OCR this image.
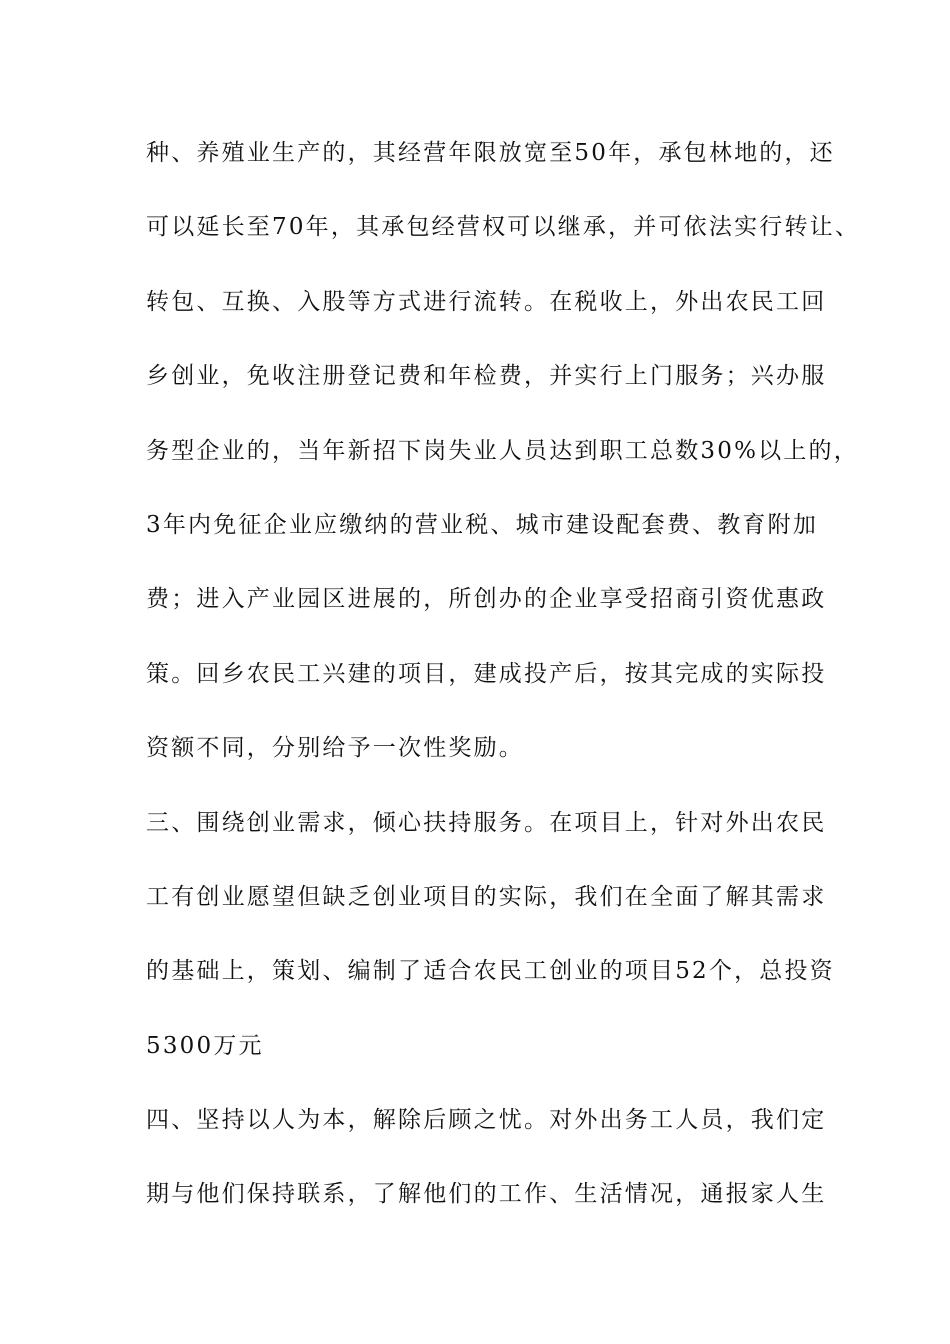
种、养殖业生产的，其经营年限放宽至50年，承包林地的，还
可以延长至70年，其承包经营权可以继承，并可依法实行转让、
转包、互换、入股等方式进行流转。在税收上，外出农民工回
乡创业，免收注册登记费和年检费，并实行上门服务；兴办服
务型企业的，当年新招下岗失业人员达到职工总数30%以上的，
3年内免征企业应缴纳的营业税、城市建设配套费、教育附加
费；进入产业园区进展的，所创办的企业享受招商引资优惠政
策。回乡农民工兴建的项目，建成投产后，按其完成的实际投
资额不同，分别给予一次性奖励。
三、围绕创业需求，倾心扶持服务。在项目上，针对外出农民
工有创业愿望但缺乏创业项目的实际，我们在全面了解其需求
的基础上，策划、编制了适合农民工创业的项目52个，总投资
5300万元
四、坚持以人为本，解除后顾之忧。对外出务工人员，我们定
期与他们保持联系，了解他们的工作、生活情况，通报家人生
